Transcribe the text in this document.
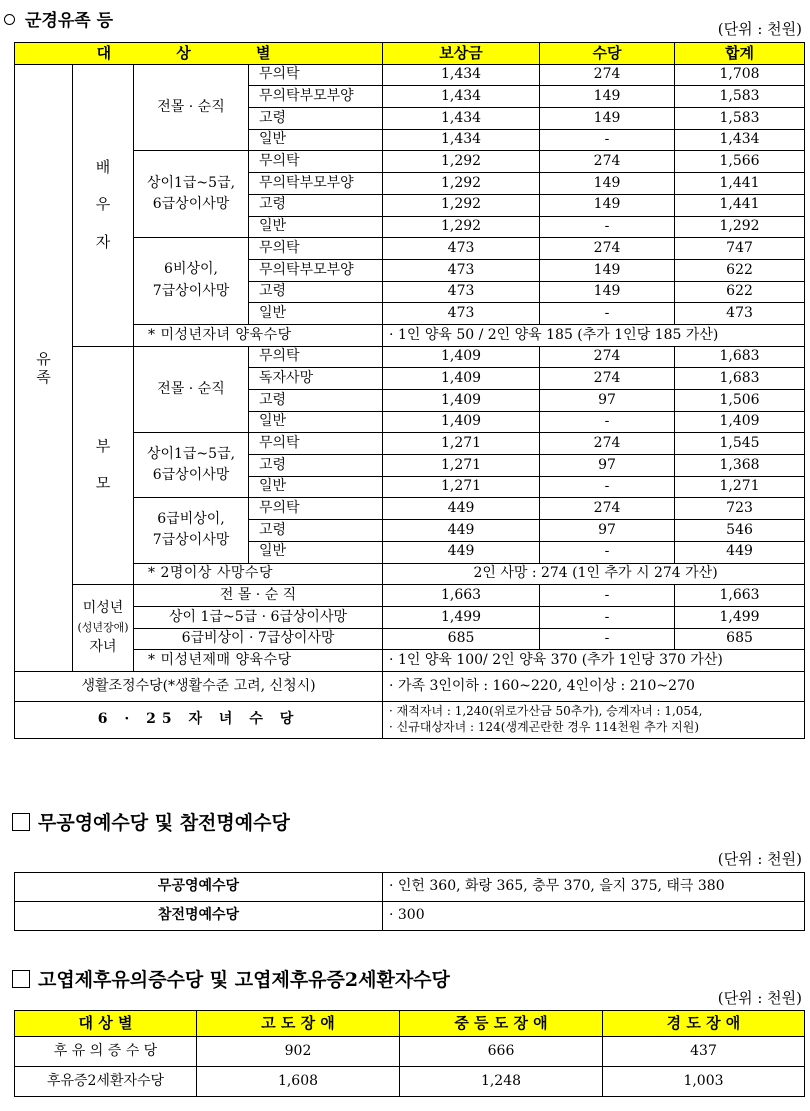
군경유족 등	(단위 : 천원)
대 상 별				보상금	수당	합계
유족	배우자	전몰 · 순직	무의탁	1,434	274	1,708
			무의탁부모부양	1,434	149	1,583
			고령	1,434	149	1,583
			일반	1,434	-	1,434
		상이1급~5급,
6급상이사망	무의탁	1,292	274	1,566
			무의탁부모부양	1,292	149	1,441
			고령	1,292	149	1,441
			일반	1,292	-	1,292
		6비상이,
7급상이사망	무의탁	473	274	747
			무의탁부모부양	473	149	622
			고령	473	149	622
			일반	473	-	473
		* 미성년자녀 양육수당		· 1인 양육 50 / 2인 양육 185 (추가 1인당 185 가산)		
	부모	전몰 · 순직	무의탁	1,409	274	1,683
			독자사망	1,409	274	1,683
			고령	1,409	97	1,506
			일반	1,409	-	1,409
		상이1급~5급,
6급상이사망	무의탁	1,271	274	1,545
			고령	1,271	97	1,368
			일반	1,271	-	1,271
		6급비상이,
7급상이사망	무의탁	449	274	723
			고령	449	97	546
			일반	449	-	449
		* 2명이상 사망수당		2인 사망 : 274 (1인 추가 시 274 가산)		
	미성년
(성년장애)
자녀	전 몰 · 순 직		1,663	-	1,663
		상이 1급~5급 · 6급상이사망		1,499	-	1,499
		6급비상이 · 7급상이사망		685	-	685
		* 미성년제매 양육수당		· 1인 양육 100/ 2인 양육 370 (추가 1인당 370 가산)		
생활조정수당(*생활수준 고려, 신청시)				· 가족 3인이하 : 160~220, 4인이상 : 210~270		
6 · 25 자 녀 수 당				· 재적자녀 : 1,240(위로가산금 50추가), 승계자녀 : 1,054,
· 신규대상자녀 : 124(생계곤란한 경우 114천원 추가 지원)		
무공영예수당 및 참전명예수당
(단위 : 천원)
무공영예수당	· 인헌 360, 화랑 365, 충무 370, 을지 375, 태극 380
참전명예수당	· 300
고엽제후유의증수당 및 고엽제후유증2세환자수당
(단위 : 천원)
대 상 별	고 도 장 애	중 등 도 장 애	경 도 장 애
후 유 의 증 수 당	902	666	437
후유증2세환자수당	1,608	1,248	1,003
